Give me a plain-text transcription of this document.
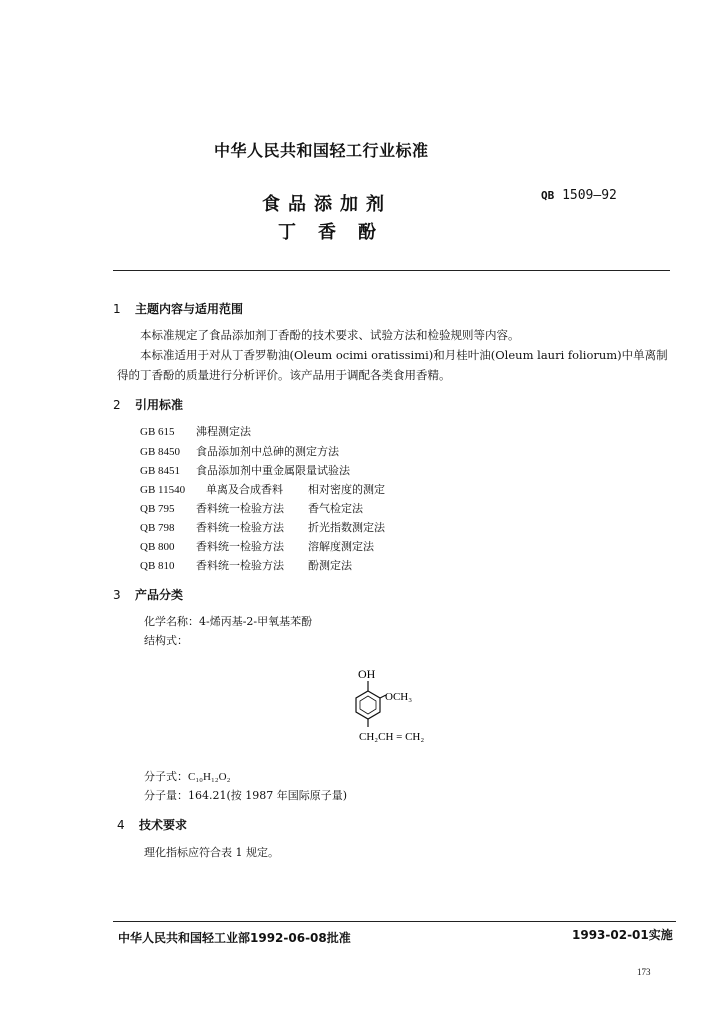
中华人民共和国轻工行业标准
食品添加剂
丁香酚
QB 1509—92
1 主题内容与适用范围
本标准规定了食品添加剂丁香酚的技术要求、试验方法和检验规则等内容。
本标准适用于对从丁香罗勒油(Oleum ocimi oratissimi)和月桂叶油(Oleum lauri foliorum)中单离制
得的丁香酚的质量进行分析评价。该产品用于调配各类食用香精。
2 引用标准
GB 615 沸程测定法
GB 8450 食品添加剂中总砷的测定方法
GB 8451 食品添加剂中重金属限量试验法
GB 11540 单离及合成香料 相对密度的测定
QB 795 香料统一检验方法 香气检定法
QB 798 香料统一检验方法 折光指数测定法
QB 800 香料统一检验方法 溶解度测定法
QB 810 香料统一检验方法 酚测定法
3 产品分类
化学名称：4-烯丙基-2-甲氧基苯酚
结构式：
OH
OCH₃
CH₂CH = CH₂
分子式：C₁₀H₁₂O₂
分子量：164.21(按 1987 年国际原子量)
4 技术要求
理化指标应符合表 1 规定。
中华人民共和国轻工业部1992-06-08批准	1993-02-01实施
173
